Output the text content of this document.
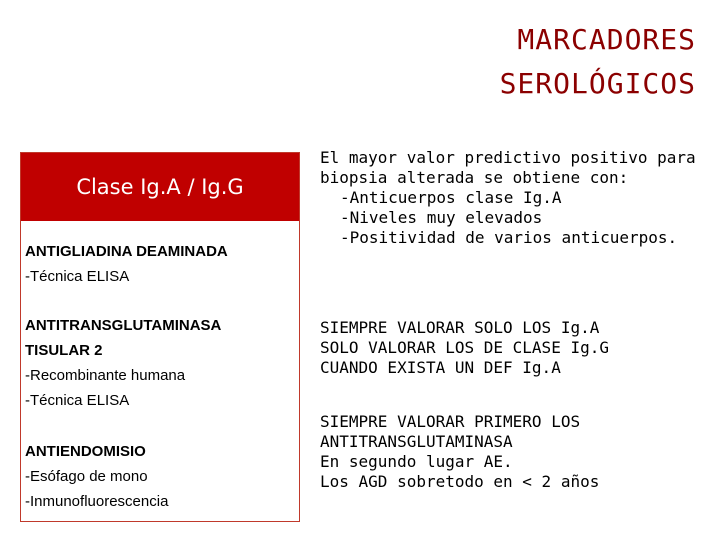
MARCADORES
SEROLÓGICOS
Clase Ig.A / Ig.G
ANTIGLIADINA DEAMINADA
-Técnica ELISA
ANTITRANSGLUTAMINASA
TISULAR 2
-Recombinante humana
-Técnica ELISA
ANTIENDOMISIO
-Esófago de mono
-Inmunofluorescencia
El mayor valor predictivo positivo para
biopsia alterada se obtiene con:
-Anticuerpos clase Ig.A
-Niveles muy elevados
-Positividad de varios anticuerpos.
SIEMPRE VALORAR SOLO LOS Ig.A
SOLO VALORAR LOS DE CLASE Ig.G
CUANDO EXISTA UN DEF Ig.A
SIEMPRE VALORAR PRIMERO LOS
ANTITRANSGLUTAMINASA
En segundo lugar AE.
Los AGD sobretodo en < 2 años
